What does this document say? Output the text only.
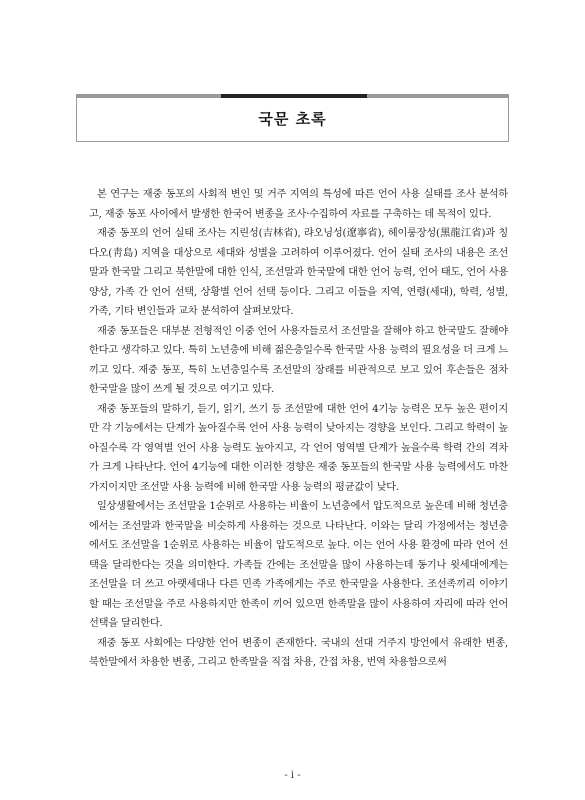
국문 초록

본 연구는 재중 동포의 사회적 변인 및 거주 지역의 특성에 따른 언어 사용 실태를 조사 분석하고, 재중 동포 사이에서 발생한 한국어 변종을 조사·수집하여 자료를 구축하는 데 목적이 있다.

재중 동포의 언어 실태 조사는 지린성(吉林省), 랴오닝성(遼寧省), 헤이룽장성(黑龍江省)과 칭다오(靑島) 지역을 대상으로 세대와 성별을 고려하여 이루어졌다. 언어 실태 조사의 내용은 조선말과 한국말 그리고 북한말에 대한 인식, 조선말과 한국말에 대한 언어 능력, 언어 태도, 언어 사용 양상, 가족 간 언어 선택, 상황별 언어 선택 등이다. 그리고 이들을 지역, 연령(세대), 학력, 성별, 가족, 기타 변인들과 교차 분석하여 살펴보았다.

재중 동포들은 대부분 전형적인 이중 언어 사용자들로서 조선말을 잘해야 하고 한국말도 잘해야 한다고 생각하고 있다. 특히 노년층에 비해 젊은층일수록 한국말 사용 능력의 필요성을 더 크게 느끼고 있다. 재중 동포, 특히 노년층일수록 조선말의 장래를 비관적으로 보고 있어 후손들은 점차 한국말을 많이 쓰게 될 것으로 여기고 있다.

재중 동포들의 말하기, 듣기, 읽기, 쓰기 등 조선말에 대한 언어 4기능 능력은 모두 높은 편이지만 각 기능에서는 단계가 높아질수록 언어 사용 능력이 낮아지는 경향을 보인다. 그리고 학력이 높아질수록 각 영역별 언어 사용 능력도 높아지고, 각 언어 영역별 단계가 높을수록 학력 간의 격차가 크게 나타난다. 언어 4기능에 대한 이러한 경향은 재중 동포들의 한국말 사용 능력에서도 마찬가지이지만 조선말 사용 능력에 비해 한국말 사용 능력의 평균값이 낮다.

일상생활에서는 조선말을 1순위로 사용하는 비율이 노년층에서 압도적으로 높은데 비해 청년층에서는 조선말과 한국말을 비슷하게 사용하는 것으로 나타난다. 이와는 달리 가정에서는 청년층에서도 조선말을 1순위로 사용하는 비율이 압도적으로 높다. 이는 언어 사용 환경에 따라 언어 선택을 달리한다는 것을 의미한다. 가족들 간에는 조선말을 많이 사용하는데 동기나 윗세대에게는 조선말을 더 쓰고 아랫세대나 다른 민족 가족에게는 주로 한국말을 사용한다. 조선족끼리 이야기할 때는 조선말을 주로 사용하지만 한족이 끼어 있으면 한족말을 많이 사용하여 자리에 따라 언어 선택을 달리한다.

재중 동포 사회에는 다양한 언어 변종이 존재한다. 국내의 선대 거주지 방언에서 유래한 변종, 북한말에서 차용한 변종, 그리고 한족말을 직접 차용, 간접 차용, 번역 차용함으로써

- i -
